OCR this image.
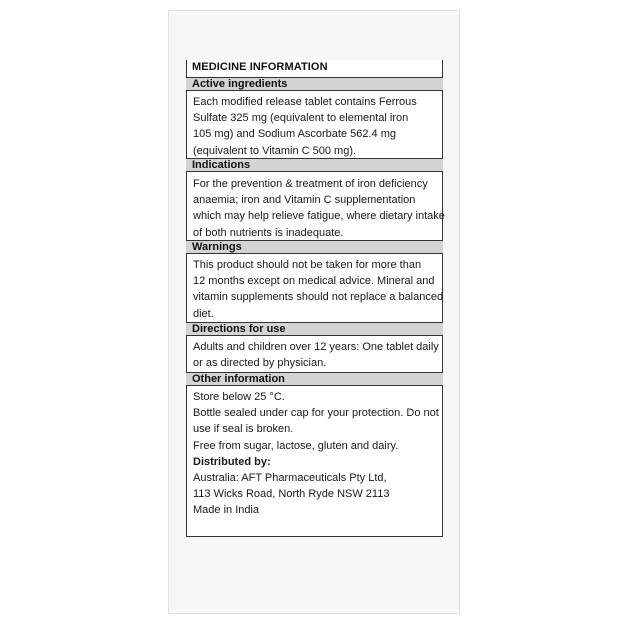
MEDICINE INFORMATION
Active ingredients
Each modified release tablet contains Ferrous
Sulfate 325 mg (equivalent to elemental iron
105 mg) and Sodium Ascorbate 562.4 mg
(equivalent to Vitamin C 500 mg).
Indications
For the prevention & treatment of iron deficiency
anaemia; iron and Vitamin C supplementation
which may help relieve fatigue, where dietary intake
of both nutrients is inadequate.
Warnings
This product should not be taken for more than
12 months except on medical advice. Mineral and
vitamin supplements should not replace a balanced
diet.
Directions for use
Adults and children over 12 years: One tablet daily
or as directed by physician.
Other information
Store below 25 °C.
Bottle sealed under cap for your protection. Do not
use if seal is broken.
Free from sugar, lactose, gluten and dairy.
Distributed by:
Australia: AFT Pharmaceuticals Pty Ltd,
113 Wicks Road, North Ryde NSW 2113
Made in India
